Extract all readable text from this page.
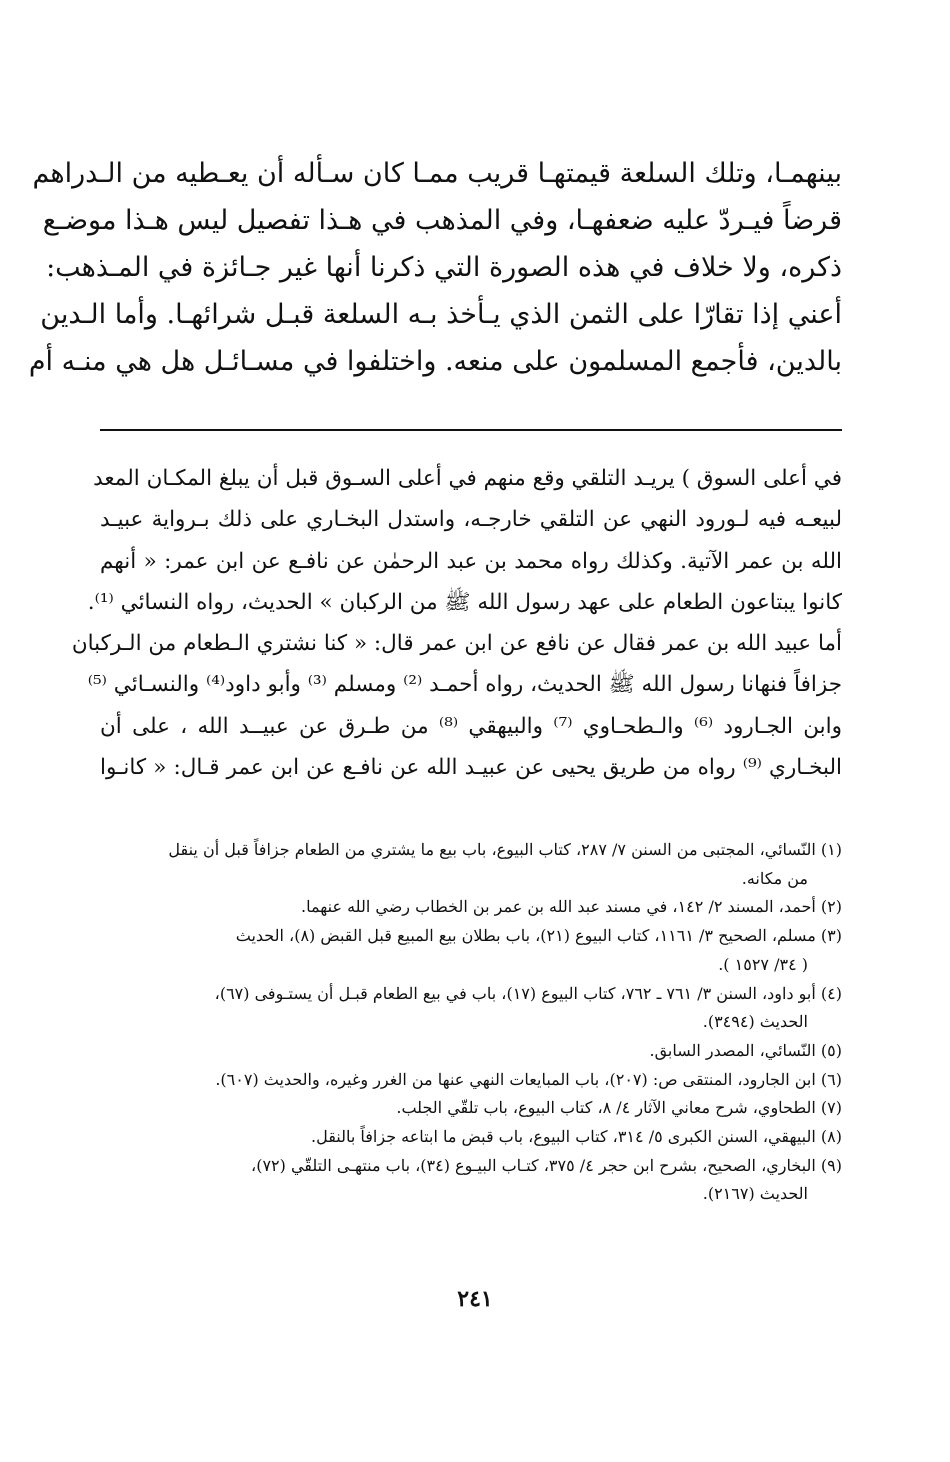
بينهمـا، وتلك السلعة قيمتهـا قريب ممـا كان سـأله أن يعـطيه من الـدراهم
قرضاً فيـردّ عليه ضعفهـا، وفي المذهب في هـذا تفصيل ليس هـذا موضـع
ذكره، ولا خلاف في هذه الصورة التي ذكرنا أنها غير جـائزة في المـذهب:
أعني إذا تقارّا على الثمن الذي يـأخذ بـه السلعة قبـل شرائهـا. وأما الـدين
بالدين، فأجمع المسلمون على منعه. واختلفوا في مسـائـل هل هي منـه أم
في أعلى السوق ) يريـد التلقي وقع منهم في أعلى السـوق قبل أن يبلغ المكـان المعد
لبيعـه فيه لـورود النهي عن التلقي خارجـه، واستدل البخـاري على ذلك بـرواية عبيـد
الله بن عمر الآتية. وكذلك رواه محمد بن عبد الرحمٰن عن نافـع عن ابن عمر: « أنهم
كانوا يبتاعون الطعام على عهد رسول الله ﷺ من الركبان » الحديث، رواه النسائي ⁽¹⁾.
أما عبيد الله بن عمر فقال عن نافع عن ابن عمر قال: « كنا نشتري الـطعام من الـركبان
جزافاً فنهانا رسول الله ﷺ الحديث، رواه أحمـد ⁽²⁾ ومسلم ⁽³⁾ وأبو داود⁽⁴⁾ والنسـائي ⁽⁵⁾
وابن الجـارود ⁽⁶⁾ والـطحـاوي ⁽⁷⁾ والبيهقي ⁽⁸⁾ من طـرق عن عبيــد الله ، على أن
البخـاري ⁽⁹⁾ رواه من طريق يحيى عن عبيـد الله عن نافـع عن ابن عمر قـال: « كانـوا
(١) النّسائي، المجتبى من السنن ٧/ ٢٨٧، كتاب البيوع، باب بيع ما يشتري من الطعام جزافاً قبل أن ينقل
من مكانه.
(٢) أحمد، المسند ٢/ ١٤٢، في مسند عبد الله بن عمر بن الخطاب رضي الله عنهما.
(٣) مسلم، الصحيح ٣/ ١١٦١، كتاب البيوع (٢١)، باب بطلان بيع المبيع قبل القبض (٨)، الحديث
( ٣٤/ ١٥٢٧ ).
(٤) أبو داود، السنن ٣/ ٧٦١ ـ ٧٦٢، كتاب البيوع (١٧)، باب في بيع الطعام قبـل أن يستـوفى (٦٧)،
الحديث (٣٤٩٤).
(٥) النّسائي، المصدر السابق.
(٦) ابن الجارود، المنتقى ص: (٢٠٧)، باب المبايعات النهي عنها من الغرر وغيره، والحديث (٦٠٧).
(٧) الطحاوي، شرح معاني الآثار ٤/ ٨، كتاب البيوع، باب تلقّي الجلب.
(٨) البيهقي، السنن الكبرى ٥/ ٣١٤، كتاب البيوع، باب قبض ما ابتاعه جزافاً بالنقل.
(٩) البخاري، الصحيح، بشرح ابن حجر ٤/ ٣٧٥، كتـاب البيـوع (٣٤)، باب منتهـى التلقّي (٧٢)،
الحديث (٢١٦٧).
٢٤١
